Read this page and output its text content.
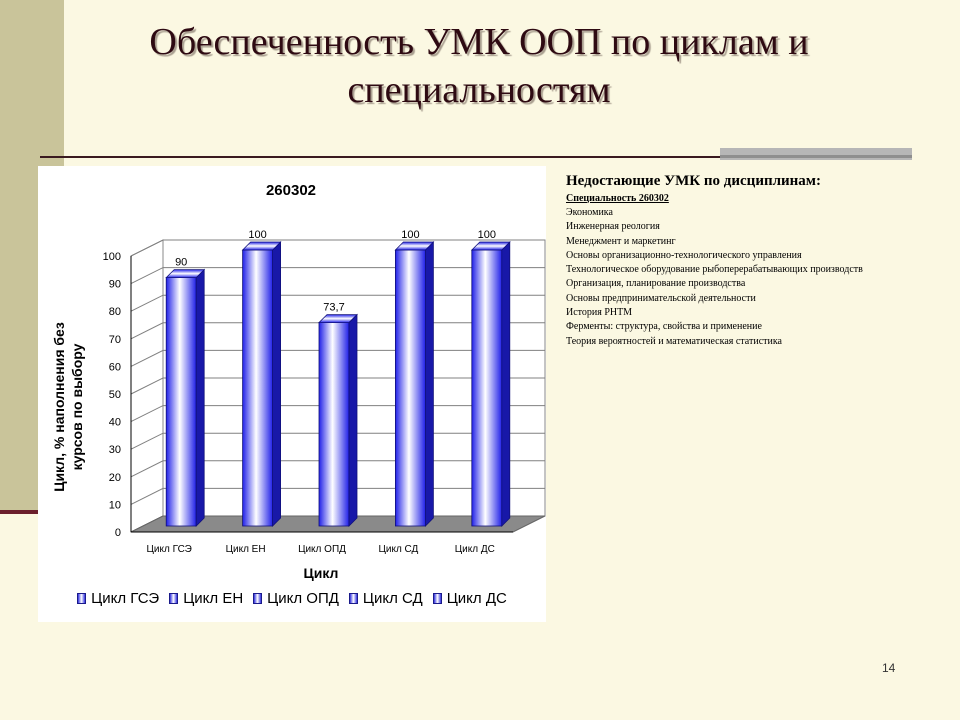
Обеспеченность УМК ООП по циклам и специальностям
0
10
20
30
40
50
60
70
80
90
100	90
Цикл ГСЭ
100
Цикл ЕН
73,7
Цикл ОПД
100
Цикл СД
100
Цикл ДС
260302
Цикл
Цикл, % наполнения без курсов по выбору
Цикл ГСЭ Цикл ЕН Цикл ОПД Цикл СД Цикл ДС
Недостающие УМК по дисциплинам:
Специальность 260302
Экономика
Инженерная реология
Менеджмент и маркетинг
Основы организационно-технологического управления
Технологическое оборудование рыбоперерабатывающих производств
Организация, планирование производства
Основы предпринимательской деятельности
История РНТМ
Ферменты: структура, свойства и применение
Теория вероятностей и математическая статистика
14
